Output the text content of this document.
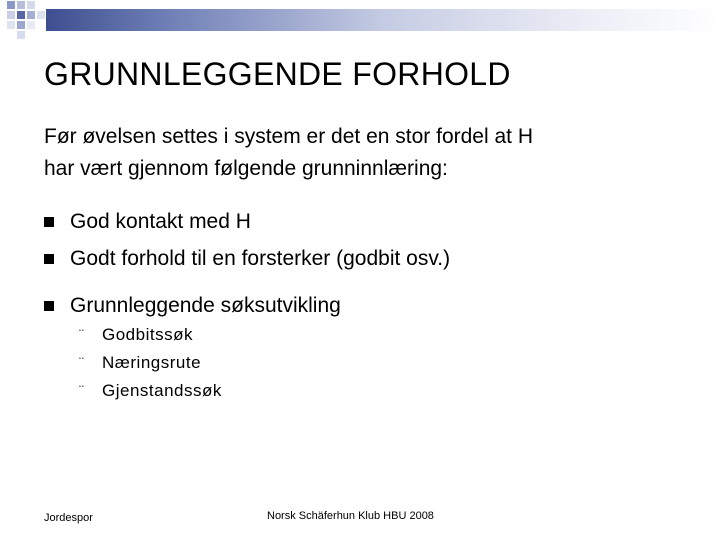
GRUNNLEGGENDE FORHOLD
Før øvelsen settes i system er det en stor fordel at H
har vært gjennom følgende grunninnlæring:
God kontakt med H
Godt forhold til en forsterker (godbit osv.)
Grunnleggende søksutvikling
¨	Godbitssøk
¨	Næringsrute
¨	Gjenstandssøk
Jordespor	Norsk Schäferhun Klub HBU 2008
